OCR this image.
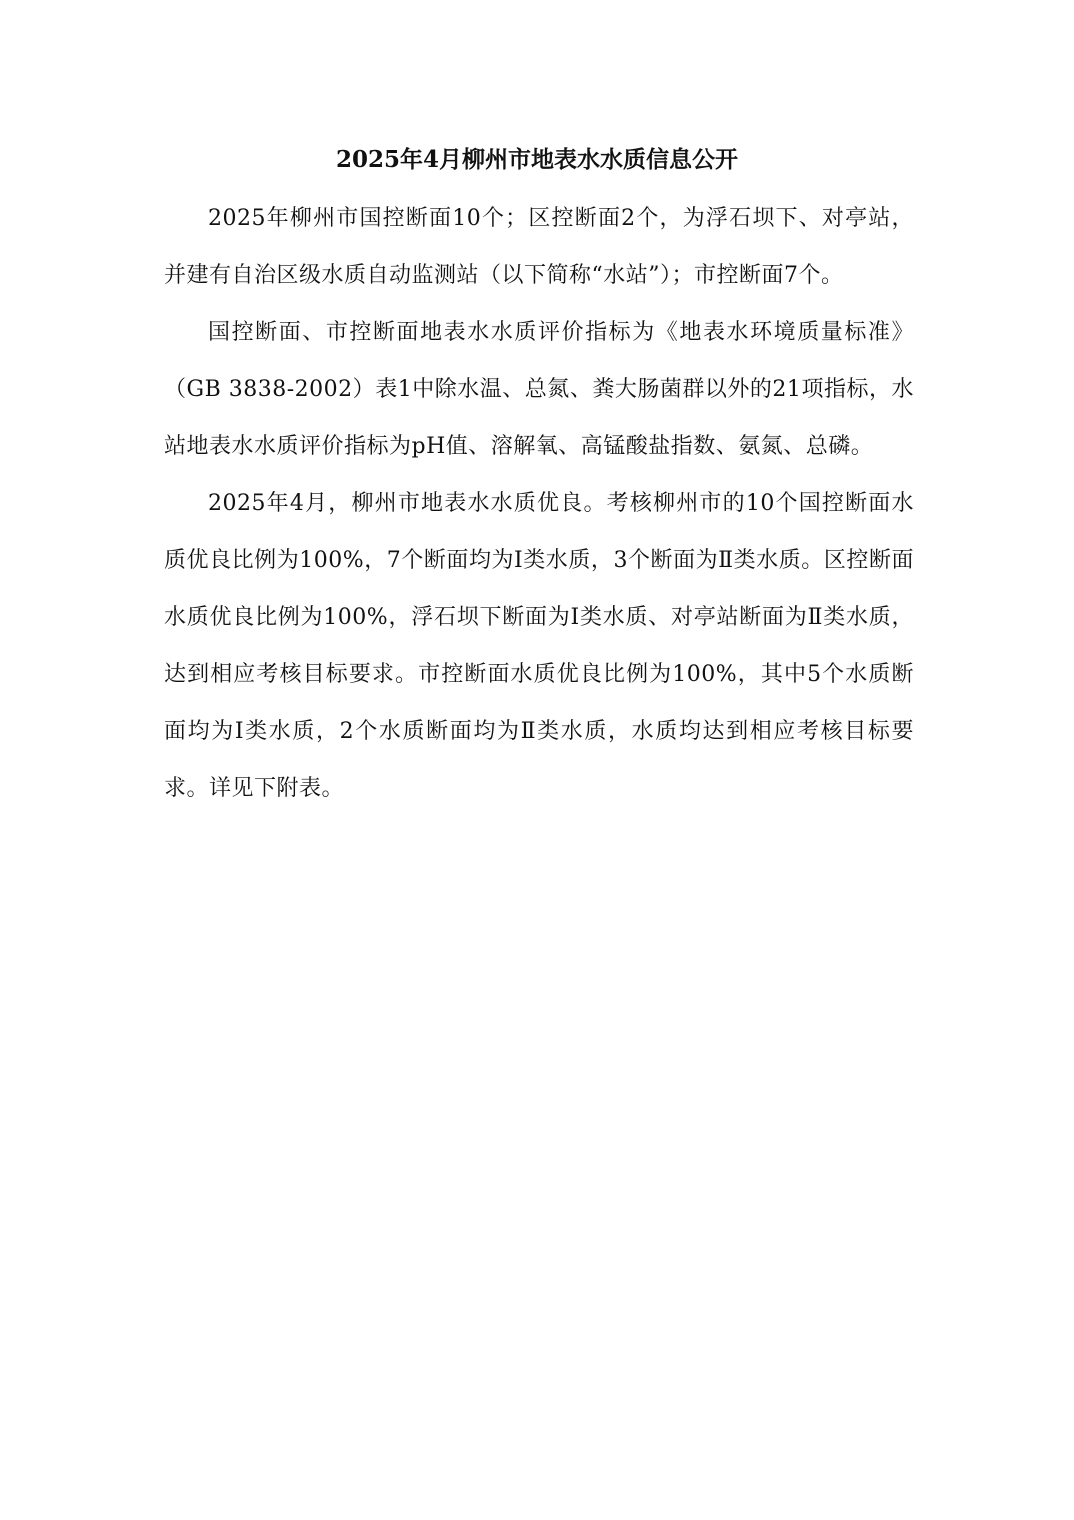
2025年4月柳州市地表水水质信息公开

2025年柳州市国控断面10个；区控断面2个，为浮石坝下、对亭站，并建有自治区级水质自动监测站（以下简称“水站”）；市控断面7个。

国控断面、市控断面地表水水质评价指标为《地表水环境质量标准》（GB 3838-2002）表1中除水温、总氮、粪大肠菌群以外的21项指标，水站地表水水质评价指标为pH值、溶解氧、高锰酸盐指数、氨氮、总磷。

2025年4月，柳州市地表水水质优良。考核柳州市的10个国控断面水质优良比例为100%，7个断面均为Ⅰ类水质，3个断面为Ⅱ类水质。区控断面水质优良比例为100%，浮石坝下断面为Ⅰ类水质、对亭站断面为Ⅱ类水质，达到相应考核目标要求。市控断面水质优良比例为100%，其中5个水质断面均为Ⅰ类水质，2个水质断面均为Ⅱ类水质，水质均达到相应考核目标要求。详见下附表。
